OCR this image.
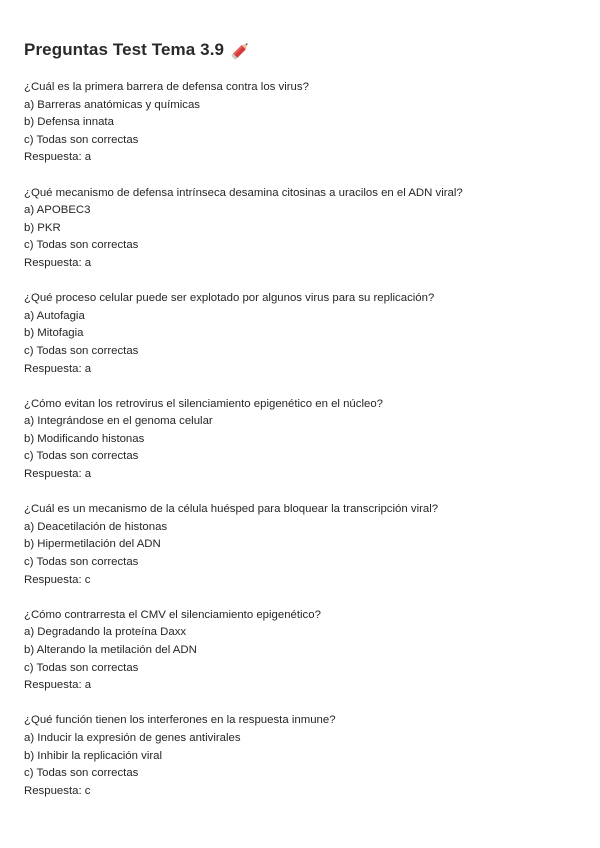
Preguntas Test Tema 3.9
¿Cuál es la primera barrera de defensa contra los virus?
a) Barreras anatómicas y químicas
b) Defensa innata
c) Todas son correctas
Respuesta: a
¿Qué mecanismo de defensa intrínseca desamina citosinas a uracilos en el ADN viral?
a) APOBEC3
b) PKR
c) Todas son correctas
Respuesta: a
¿Qué proceso celular puede ser explotado por algunos virus para su replicación?
a) Autofagia
b) Mitofagia
c) Todas son correctas
Respuesta: a
¿Cómo evitan los retrovirus el silenciamiento epigenético en el núcleo?
a) Integrándose en el genoma celular
b) Modificando histonas
c) Todas son correctas
Respuesta: a
¿Cuál es un mecanismo de la célula huésped para bloquear la transcripción viral?
a) Deacetilación de histonas
b) Hipermetilación del ADN
c) Todas son correctas
Respuesta: c
¿Cómo contrarresta el CMV el silenciamiento epigenético?
a) Degradando la proteína Daxx
b) Alterando la metilación del ADN
c) Todas son correctas
Respuesta: a
¿Qué función tienen los interferones en la respuesta inmune?
a) Inducir la expresión de genes antivirales
b) Inhibir la replicación viral
c) Todas son correctas
Respuesta: c
